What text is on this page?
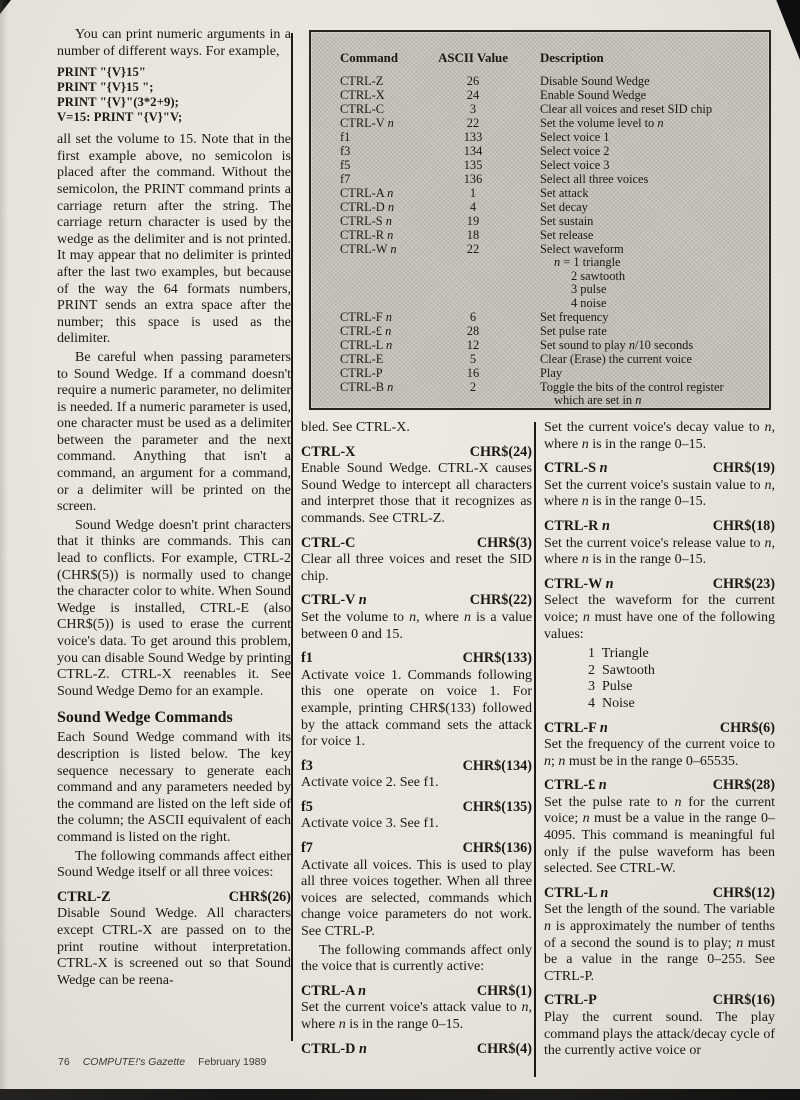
Command	ASCII Value	Description
CTRL-Z	26	Disable Sound Wedge
CTRL-X	24	Enable Sound Wedge
CTRL-C	3	Clear all voices and reset SID chip
CTRL-V n	22	Set the volume level to n
f1	133	Select voice 1
f3	134	Select voice 2
f5	135	Select voice 3
f7	136	Select all three voices
CTRL-A n	1	Set attack
CTRL-D n	4	Set decay
CTRL-S n	19	Set sustain
CTRL-R n	18	Set release
CTRL-W n	22	Select waveform
n = 1 triangle
2 sawtooth
3 pulse
4 noise
CTRL-F n	6	Set frequency
CTRL-£ n	28	Set pulse rate
CTRL-L n	12	Set sound to play n/10 seconds
CTRL-E	5	Clear (Erase) the current voice
CTRL-P	16	Play
CTRL-B n	2	Toggle the bits of the control register
which are set in n

You can print numeric arguments in a number of different ways. For example,

PRINT "{V}15"
PRINT "{V}15 ";
PRINT "{V}"(3*2+9);
V=15: PRINT "{V}"V;

all set the volume to 15. Note that in the first example above, no semicolon is placed after the command. Without the semicolon, the PRINT command prints a carriage return after the string. The carriage return character is used by the wedge as the delimiter and is not printed. It may appear that no delimiter is printed after the last two examples, but because of the way the 64 formats numbers, PRINT sends an extra space after the number; this space is used as the delimiter.

Be careful when passing parameters to Sound Wedge. If a command doesn't require a numeric parameter, no delimiter is needed. If a numeric parameter is used, one character must be used as a delimiter between the parameter and the next command. Anything that isn't a command, an argument for a command, or a delimiter will be printed on the screen.

Sound Wedge doesn't print characters that it thinks are commands. This can lead to conflicts. For example, CTRL-2 (CHR$(5)) is normally used to change the character color to white. When Sound Wedge is installed, CTRL-E (also CHR$(5)) is used to erase the current voice's data. To get around this problem, you can disable Sound Wedge by printing CTRL-Z. CTRL-X reenables it. See Sound Wedge Demo for an example.

Sound Wedge Commands

Each Sound Wedge command with its description is listed below. The key sequence necessary to generate each command and any parameters needed by the command are listed on the left side of the column; the ASCII equivalent of each command is listed on the right.

The following commands affect either Sound Wedge itself or all three voices:

CTRL-Z	CHR$(26)

Disable Sound Wedge. All characters except CTRL-X are passed on to the print routine without interpretation. CTRL-X is screened out so that Sound Wedge can be reena-

bled. See CTRL-X.

CTRL-X	CHR$(24)

Enable Sound Wedge. CTRL-X causes Sound Wedge to intercept all characters and interpret those that it recognizes as commands. See CTRL-Z.

CTRL-C	CHR$(3)

Clear all three voices and reset the SID chip.

CTRL-V n	CHR$(22)

Set the volume to n, where n is a value between 0 and 15.

f1	CHR$(133)

Activate voice 1. Commands following this one operate on voice 1. For example, printing CHR$(133) followed by the attack command sets the attack for voice 1.

f3	CHR$(134)

Activate voice 2. See f1.

f5	CHR$(135)

Activate voice 3. See f1.

f7	CHR$(136)

Activate all voices. This is used to play all three voices together. When all three voices are selected, commands which change voice parameters do not work. See CTRL-P.

The following commands affect only the voice that is currently active:

CTRL-A n	CHR$(1)

Set the current voice's attack value to n, where n is in the range 0–15.

CTRL-D n	CHR$(4)

Set the current voice's decay value to n, where n is in the range 0–15.

CTRL-S n	CHR$(19)

Set the current voice's sustain value to n, where n is in the range 0–15.

CTRL-R n	CHR$(18)

Set the current voice's release value to n, where n is in the range 0–15.

CTRL-W n	CHR$(23)

Select the waveform for the current voice; n must have one of the following values:

1  Triangle
2  Sawtooth
3  Pulse
4  Noise
CTRL-F n	CHR$(6)

Set the frequency of the current voice to n; n must be in the range 0–65535.

CTRL-£ n	CHR$(28)

Set the pulse rate to n for the current voice; n must be a value in the range 0–4095. This command is meaningful ful only if the pulse waveform has been selected. See CTRL-W.

CTRL-L n	CHR$(12)

Set the length of the sound. The variable n is approximately the number of tenths of a second the sound is to play; n must be a value in the range 0–255. See CTRL-P.

CTRL-P	CHR$(16)

Play the current sound. The play command plays the attack/decay cycle of the currently active voice or

76 COMPUTE!'s Gazette February 1989
